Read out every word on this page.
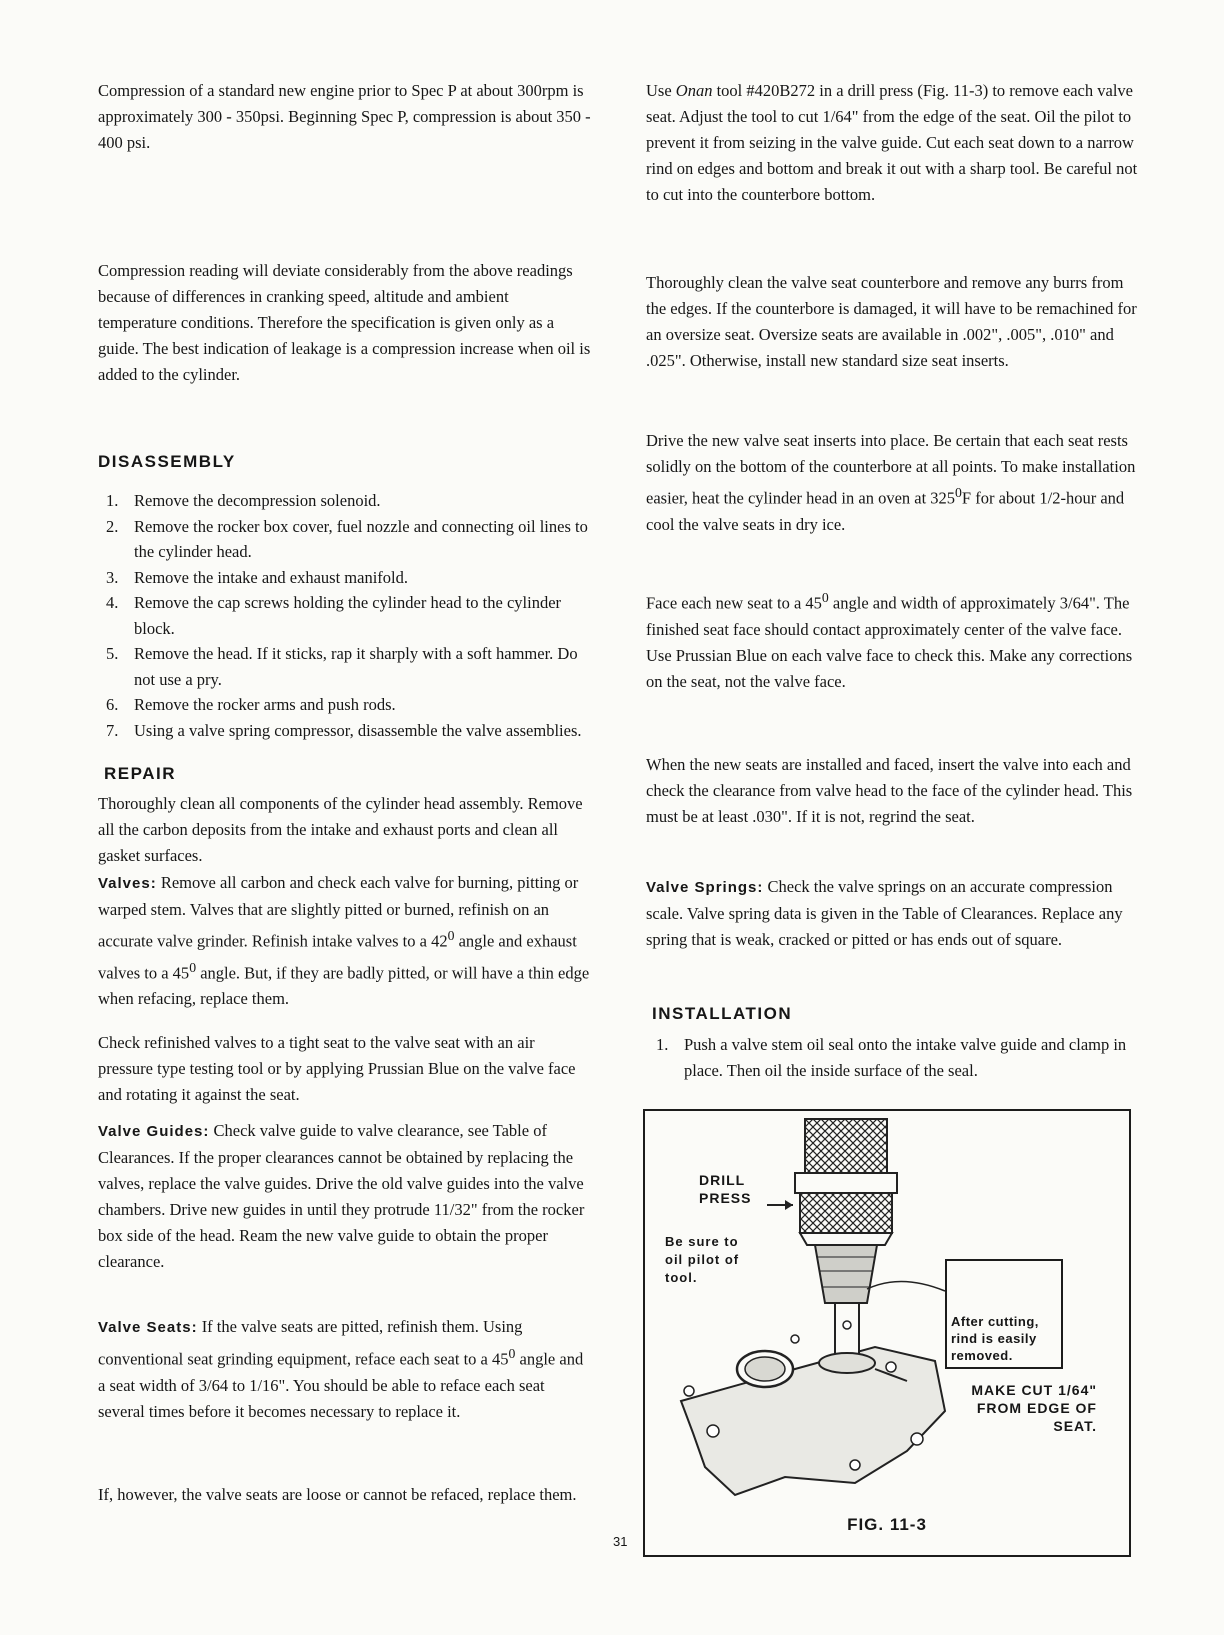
Compression of a standard new engine prior to Spec P at about 300rpm is approximately 300 - 350psi. Beginning Spec P, compression is about 350 - 400 psi.

Compression reading will deviate considerably from the above readings because of differences in cranking speed, altitude and ambient temperature conditions. Therefore the specification is given only as a guide. The best indication of leakage is a compression increase when oil is added to the cylinder.

DISASSEMBLY
1. Remove the decompression solenoid.
2. Remove the rocker box cover, fuel nozzle and connecting oil lines to the cylinder head.
3. Remove the intake and exhaust manifold.
4. Remove the cap screws holding the cylinder head to the cylinder block.
5. Remove the head. If it sticks, rap it sharply with a soft hammer. Do not use a pry.
6. Remove the rocker arms and push rods.
7. Using a valve spring compressor, disassemble the valve assemblies.
REPAIR

Thoroughly clean all components of the cylinder head assembly. Remove all the carbon deposits from the intake and exhaust ports and clean all gasket surfaces.

Valves: Remove all carbon and check each valve for burning, pitting or warped stem. Valves that are slightly pitted or burned, refinish on an accurate valve grinder. Refinish intake valves to a $42^0$ angle and exhaust valves to a $45^0$ angle. But, if they are badly pitted, or will have a thin edge when refacing, replace them.

Check refinished valves to a tight seat to the valve seat with an air pressure type testing tool or by applying Prussian Blue on the valve face and rotating it against the seat.

Valve Guides: Check valve guide to valve clearance, see Table of Clearances. If the proper clearances cannot be obtained by replacing the valves, replace the valve guides. Drive the old valve guides into the valve chambers. Drive new guides in until they protrude 11/32" from the rocker box side of the head. Ream the new valve guide to obtain the proper clearance.

Valve Seats: If the valve seats are pitted, refinish them. Using conventional seat grinding equipment, reface each seat to a $45^0$ angle and a seat width of 3/64 to 1/16". You should be able to reface each seat several times before it becomes necessary to replace it.

If, however, the valve seats are loose or cannot be refaced, replace them.

Use Onan tool #420B272 in a drill press (Fig. 11-3) to remove each valve seat. Adjust the tool to cut 1/64" from the edge of the seat. Oil the pilot to prevent it from seizing in the valve guide. Cut each seat down to a narrow rind on edges and bottom and break it out with a sharp tool. Be careful not to cut into the counterbore bottom.

Thoroughly clean the valve seat counterbore and remove any burrs from the edges. If the counterbore is damaged, it will have to be remachined for an oversize seat. Oversize seats are available in .002", .005", .010" and .025". Otherwise, install new standard size seat inserts.

Drive the new valve seat inserts into place. Be certain that each seat rests solidly on the bottom of the counterbore at all points. To make installation easier, heat the cylinder head in an oven at $325^0F$ for about 1/2-hour and cool the valve seats in dry ice.

Face each new seat to a $45^0$ angle and width of approximately 3/64". The finished seat face should contact approximately center of the valve face. Use Prussian Blue on each valve face to check this. Make any corrections on the seat, not the valve face.

When the new seats are installed and faced, insert the valve into each and check the clearance from valve head to the face of the cylinder head. This must be at least .030". If it is not, regrind the seat.

Valve Springs: Check the valve springs on an accurate compression scale. Valve spring data is given in the Table of Clearances. Replace any spring that is weak, cracked or pitted or has ends out of square.

INSTALLATION
1. Push a valve stem oil seal onto the intake valve guide and clamp in place. Then oil the inside surface of the seal.
DRILL
PRESS
Be sure to
oil pilot of
tool.
After cutting,
rind is easily
removed.
MAKE CUT 1/64"
FROM EDGE OF
SEAT.
FIG. 11-3
31
